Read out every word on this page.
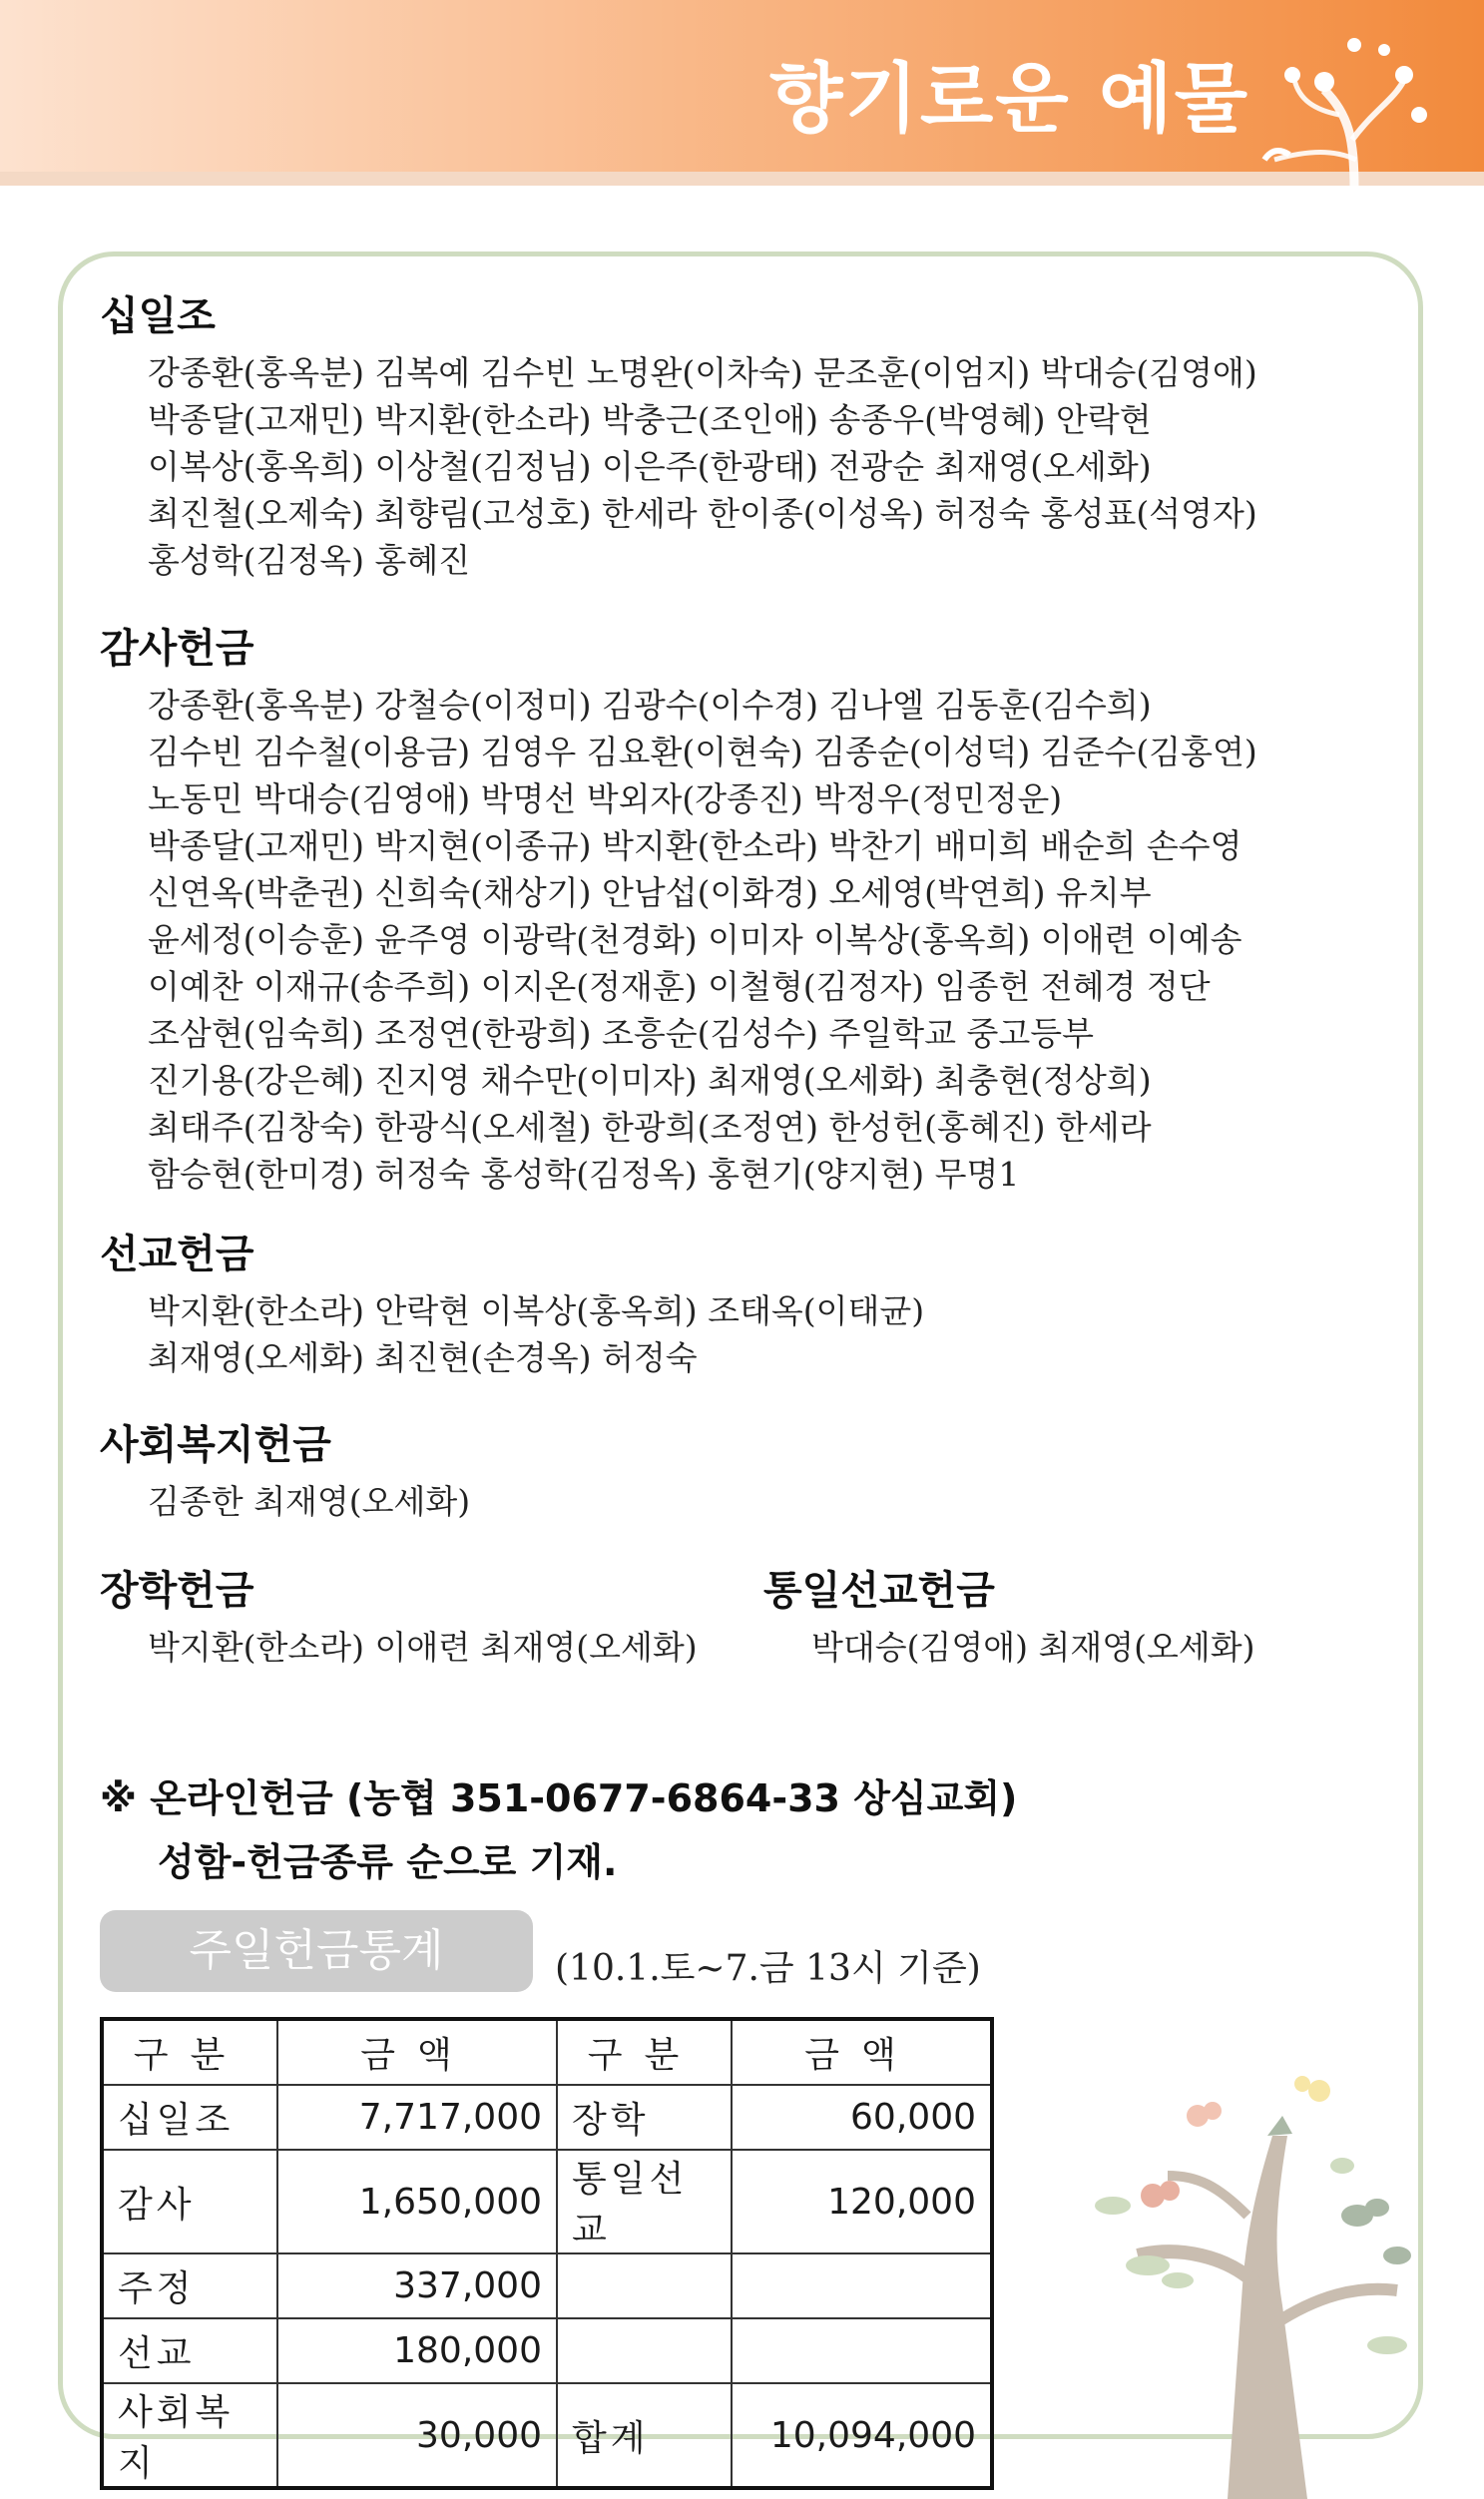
향기로운 예물
십일조
강종환(홍옥분) 김복예 김수빈 노명완(이차숙) 문조훈(이엄지) 박대승(김영애)
박종달(고재민) 박지환(한소라) 박충근(조인애) 송종우(박영혜) 안락현
이복상(홍옥희) 이상철(김정님) 이은주(한광태) 전광순 최재영(오세화)
최진철(오제숙) 최향림(고성호) 한세라 한이종(이성옥) 허정숙 홍성표(석영자)
홍성학(김정옥) 홍혜진
감사헌금
강종환(홍옥분) 강철승(이정미) 김광수(이수경) 김나엘 김동훈(김수희)
김수빈 김수철(이용금) 김영우 김요환(이현숙) 김종순(이성덕) 김준수(김홍연)
노동민 박대승(김영애) 박명선 박외자(강종진) 박정우(정민정운)
박종달(고재민) 박지현(이종규) 박지환(한소라) 박찬기 배미희 배순희 손수영
신연옥(박춘권) 신희숙(채상기) 안남섭(이화경) 오세영(박연희) 유치부
윤세정(이승훈) 윤주영 이광락(천경화) 이미자 이복상(홍옥희) 이애련 이예송
이예찬 이재규(송주희) 이지온(정재훈) 이철형(김정자) 임종헌 전혜경 정단
조삼현(임숙희) 조정연(한광희) 조흥순(김성수) 주일학교 중고등부
진기용(강은혜) 진지영 채수만(이미자) 최재영(오세화) 최충현(정상희)
최태주(김창숙) 한광식(오세철) 한광희(조정연) 한성헌(홍혜진) 한세라
함승현(한미경) 허정숙 홍성학(김정옥) 홍현기(양지현) 무명1
선교헌금
박지환(한소라) 안락현 이복상(홍옥희) 조태옥(이태균)
최재영(오세화) 최진현(손경옥) 허정숙
사회복지헌금
김종한 최재영(오세화)
장학헌금
박지환(한소라) 이애련 최재영(오세화)
통일선교헌금
박대승(김영애) 최재영(오세화)
※ 온라인헌금 (농협 351-0677-6864-33 상심교회)
성함-헌금종류 순으로 기재.
주일헌금통계	(10.1.토~7.금 13시 기준)
구분	금액	구분	금액
십일조	7,717,000	장학	60,000
감사	1,650,000	통일선교	120,000
주정	337,000		
선교	180,000		
사회복지	30,000	합계	10,094,000
